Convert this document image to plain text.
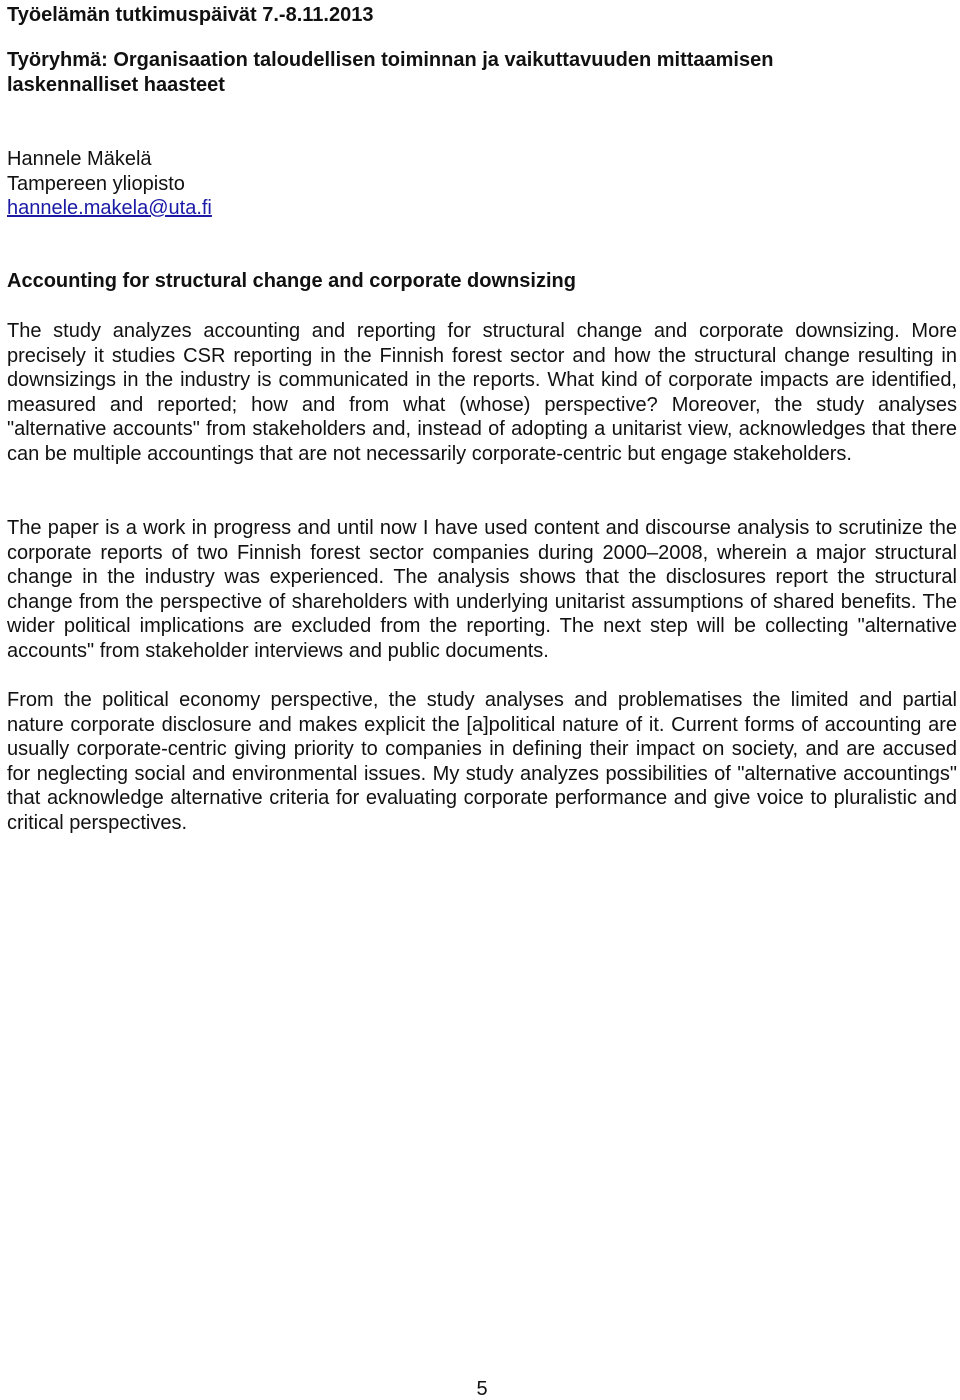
Työelämän tutkimuspäivät 7.-8.11.2013
Työryhmä: Organisaation taloudellisen toiminnan ja vaikuttavuuden mittaamisen laskennalliset haasteet
Hannele Mäkelä
Tampereen yliopisto
hannele.makela@uta.fi
Accounting for structural change and corporate downsizing

The study analyzes accounting and reporting for structural change and corporate downsizing. More precisely it studies CSR reporting in the Finnish forest sector and how the structural change resulting in downsizings in the industry is communicated in the reports. What kind of corporate impacts are identified, measured and reported; how and from what (whose) perspective? Moreover, the study analyses "alternative accounts" from stakeholders and, instead of adopting a unitarist view, acknowledges that there can be multiple accountings that are not necessarily corporate-centric but engage stakeholders.

The paper is a work in progress and until now I have used content and discourse analysis to scrutinize the corporate reports of two Finnish forest sector companies during 2000–2008, wherein a major structural change in the industry was experienced. The analysis shows that the disclosures report the structural change from the perspective of shareholders with underlying unitarist assumptions of shared benefits. The wider political implications are excluded from the reporting. The next step will be collecting "alternative accounts" from stakeholder interviews and public documents.

From the political economy perspective, the study analyses and problematises the limited and partial nature corporate disclosure and makes explicit the [a]political nature of it. Current forms of accounting are usually corporate-centric giving priority to companies in defining their impact on society, and are accused for neglecting social and environmental issues. My study analyzes possibilities of "alternative accountings" that acknowledge alternative criteria for evaluating corporate performance and give voice to pluralistic and critical perspectives.

5
